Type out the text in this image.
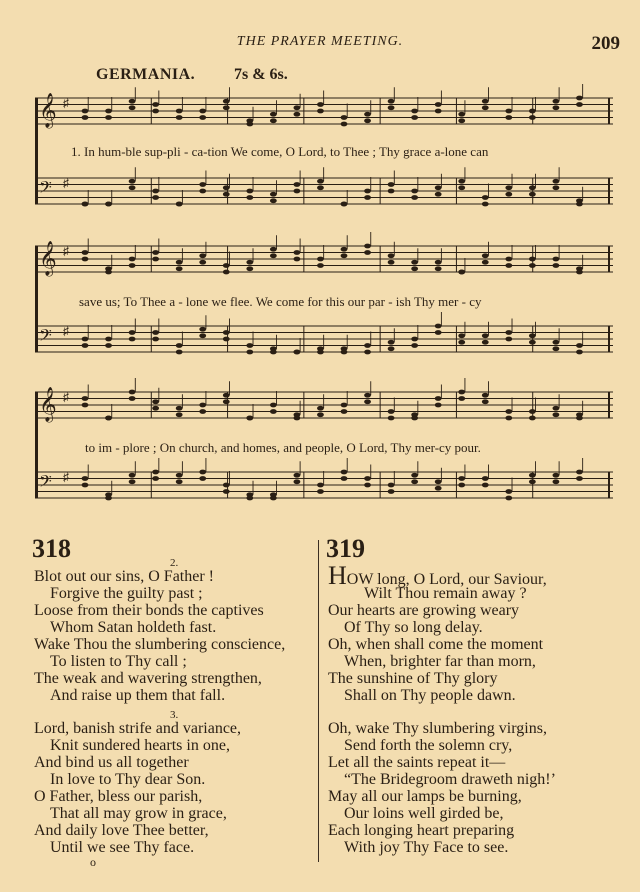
THE PRAYER MEETING.	209
GERMANIA. 7s & 6s.
𝄞 ♯
1. In hum-ble sup-pli - ca-tion We come, O Lord, to Thee ; Thy grace a-lone can
𝄢 ♯
𝄞 ♯
save us; To Thee a - lone we flee. We come for this our par - ish Thy mer - cy
𝄢 ♯
𝄞 ♯
to im - plore ; On church, and homes, and people, O Lord, Thy mer-cy pour.
𝄢 ♯
318	2.
Blot out our sins, O Father !
Forgive the guilty past ;
Loose from their bonds the captives
Whom Satan holdeth fast.
Wake Thou the slumbering conscience,
To listen to Thy call ;
The weak and wavering strengthen,
And raise up them that fall.
3.
Lord, banish strife and variance,
Knit sundered hearts in one,
And bind us all together
In love to Thy dear Son.
O Father, bless our parish,
That all may grow in grace,
And daily love Thee better,
Until we see Thy face.
o
319
HOW long, O Lord, our Saviour,
Wilt Thou remain away ?
Our hearts are growing weary
Of Thy so long delay.
Oh, when shall come the moment
When, brighter far than morn,
The sunshine of Thy glory
Shall on Thy people dawn.
Oh, wake Thy slumbering virgins,
Send forth the solemn cry,
Let all the saints repeat it—
“The Bridegroom draweth nigh!’
May all our lamps be burning,
Our loins well girded be,
Each longing heart preparing
With joy Thy Face to see.
